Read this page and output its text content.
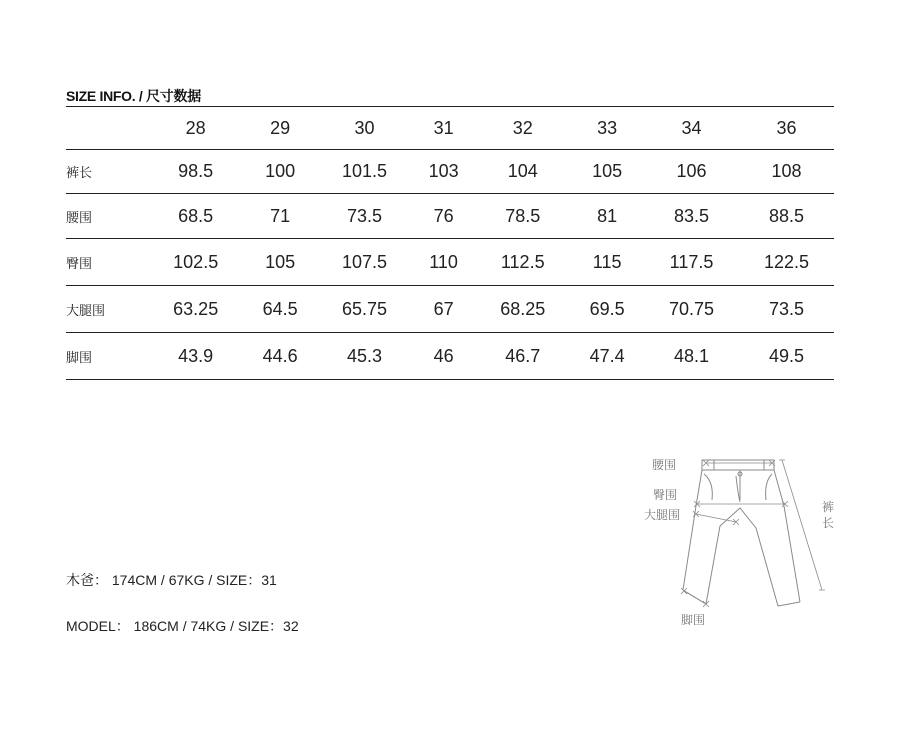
SIZE INFO. / 尺寸数据
	28	29	30	31	32	33	34	36
裤长	98.5	100	101.5	103	104	105	106	108
腰围	68.5	71	73.5	76	78.5	81	83.5	88.5
臀围	102.5	105	107.5	110	112.5	115	117.5	122.5
大腿围	63.25	64.5	65.75	67	68.25	69.5	70.75	73.5
脚围	43.9	44.6	45.3	46	46.7	47.4	48.1	49.5
木爸： 174CM / 67KG / SIZE：31
MODEL： 186CM / 74KG / SIZE：32
腰围
臀围
大腿围
裤
长
脚围
